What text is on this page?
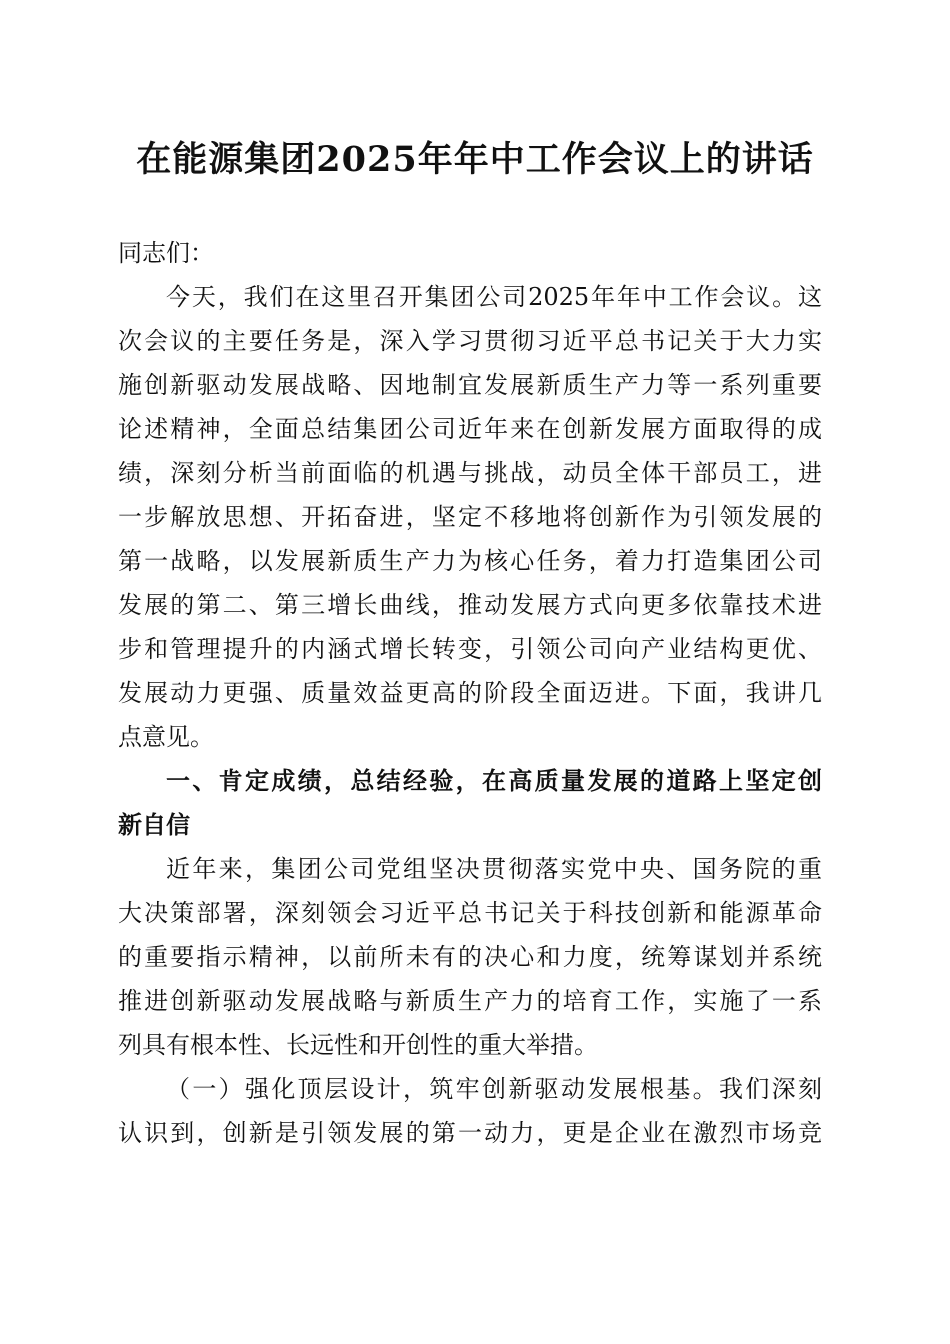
在能源集团2025年年中工作会议上的讲话
同志们：
今天，我们在这里召开集团公司2025年年中工作会议。这
次会议的主要任务是，深入学习贯彻习近平总书记关于大力实
施创新驱动发展战略、因地制宜发展新质生产力等一系列重要
论述精神，全面总结集团公司近年来在创新发展方面取得的成
绩，深刻分析当前面临的机遇与挑战，动员全体干部员工，进
一步解放思想、开拓奋进，坚定不移地将创新作为引领发展的
第一战略，以发展新质生产力为核心任务，着力打造集团公司
发展的第二、第三增长曲线，推动发展方式向更多依靠技术进
步和管理提升的内涵式增长转变，引领公司向产业结构更优、
发展动力更强、质量效益更高的阶段全面迈进。下面，我讲几
点意见。
一、肯定成绩，总结经验，在高质量发展的道路上坚定创
新自信
近年来，集团公司党组坚决贯彻落实党中央、国务院的重
大决策部署，深刻领会习近平总书记关于科技创新和能源革命
的重要指示精神，以前所未有的决心和力度，统筹谋划并系统
推进创新驱动发展战略与新质生产力的培育工作，实施了一系
列具有根本性、长远性和开创性的重大举措。
（一）强化顶层设计，筑牢创新驱动发展根基。我们深刻
认识到，创新是引领发展的第一动力，更是企业在激烈市场竞
